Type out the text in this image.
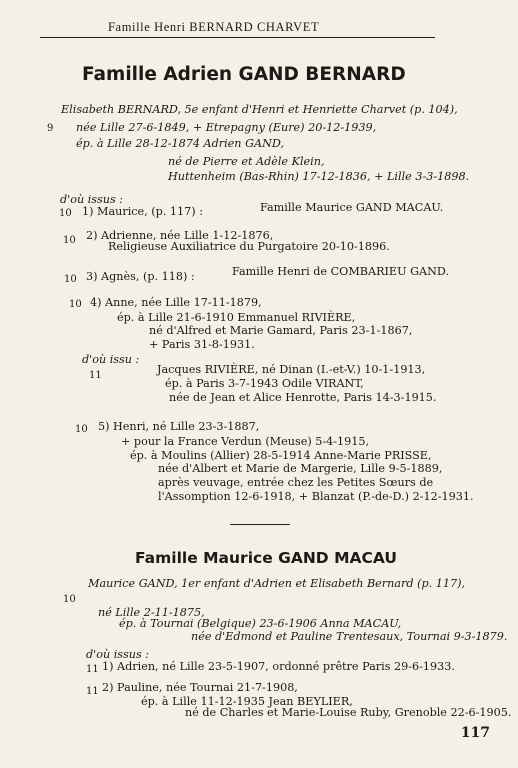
Famille Henri BERNARD CHARVET
Famille Adrien GAND BERNARD
9
Elisabeth BERNARD, 5e enfant d'Henri et Henriette Charvet (p. 104),
née Lille 27-6-1849, + Etrepagny (Eure) 20-12-1939,
ép. à Lille 28-12-1874 Adrien GAND,
né de Pierre et Adèle Klein,
Huttenheim (Bas-Rhin) 17-12-1836, + Lille 3-3-1898.
d'où issus :
10 1) Maurice, (p. 117) :	Famille Maurice GAND MACAU.
10 2) Adrienne, née Lille 1-12-1876,
Religieuse Auxiliatrice du Purgatoire 20-10-1896.
10 3) Agnès, (p. 118) :	Famille Henri de COMBARIEU GAND.
10 4) Anne, née Lille 17-11-1879,
ép. à Lille 21-6-1910 Emmanuel RIVIÈRE,
né d'Alfred et Marie Gamard, Paris 23-1-1867,
+ Paris 31-8-1931.
d'où issu :
11	Jacques RIVIÈRE, né Dinan (I.-et-V.) 10-1-1913,
ép. à Paris 3-7-1943 Odile VIRANT,
née de Jean et Alice Henrotte, Paris 14-3-1915.
10 5) Henri, né Lille 23-3-1887,
+ pour la France Verdun (Meuse) 5-4-1915,
ép. à Moulins (Allier) 28-5-1914 Anne-Marie PRISSE,
née d'Albert et Marie de Margerie, Lille 9-5-1889,
après veuvage, entrée chez les Petites Sœurs de
l'Assomption 12-6-1918, + Blanzat (P.-de-D.) 2-12-1931.
Famille Maurice GAND MACAU
10
Maurice GAND, 1er enfant d'Adrien et Elisabeth Bernard (p. 117),
né Lille 2-11-1875,
ép. à Tournai (Belgique) 23-6-1906 Anna MACAU,
née d'Edmond et Pauline Trentesaux, Tournai 9-3-1879.
d'où issus :
11 1) Adrien, né Lille 23-5-1907, ordonné prêtre Paris 29-6-1933.
11 2) Pauline, née Tournai 21-7-1908,
ép. à Lille 11-12-1935 Jean BEYLIER,
né de Charles et Marie-Louise Ruby, Grenoble 22-6-1905.
117
